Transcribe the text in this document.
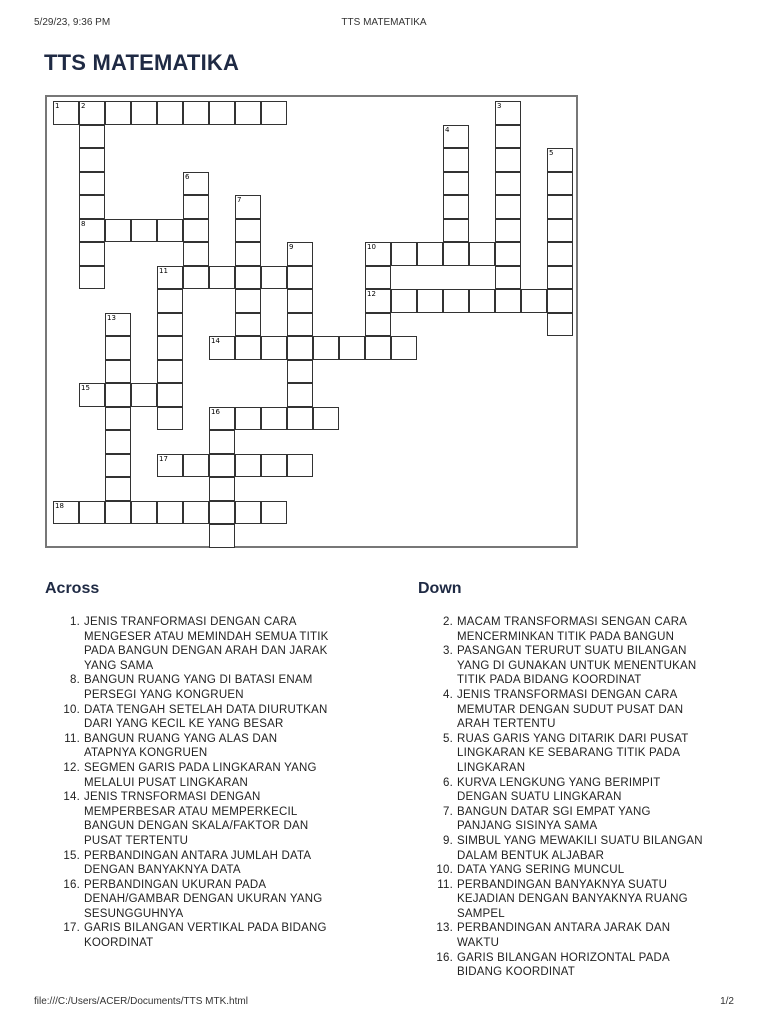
5/29/23, 9:36 PM	TTS MATEMATIKA
TTS MATEMATIKA
1	2	3
4
5
6
7
8
9	10
11
12
13
14
15
16
17
18
Across
1. JENIS TRANFORMASI DENGAN CARA MENGESER ATAU MEMINDAH SEMUA TITIK PADA BANGUN DENGAN ARAH DAN JARAK YANG SAMA
8. BANGUN RUANG YANG DI BATASI ENAM PERSEGI YANG KONGRUEN
10. DATA TENGAH SETELAH DATA DIURUTKAN DARI YANG KECIL KE YANG BESAR
11. BANGUN RUANG YANG ALAS DAN ATAPNYA KONGRUEN
12. SEGMEN GARIS PADA LINGKARAN YANG MELALUI PUSAT LINGKARAN
14. JENIS TRNSFORMASI DENGAN MEMPERBESAR ATAU MEMPERKECIL BANGUN DENGAN SKALA/FAKTOR DAN PUSAT TERTENTU
15. PERBANDINGAN ANTARA JUMLAH DATA DENGAN BANYAKNYA DATA
16. PERBANDINGAN UKURAN PADA DENAH/GAMBAR DENGAN UKURAN YANG SESUNGGUHNYA
17. GARIS BILANGAN VERTIKAL PADA BIDANG KOORDINAT
Down
2. MACAM TRANSFORMASI SENGAN CARA MENCERMINKAN TITIK PADA BANGUN
3. PASANGAN TERURUT SUATU BILANGAN YANG DI GUNAKAN UNTUK MENENTUKAN TITIK PADA BIDANG KOORDINAT
4. JENIS TRANSFORMASI DENGAN CARA MEMUTAR DENGAN SUDUT PUSAT DAN ARAH TERTENTU
5. RUAS GARIS YANG DITARIK DARI PUSAT LINGKARAN KE SEBARANG TITIK PADA LINGKARAN
6. KURVA LENGKUNG YANG BERIMPIT DENGAN SUATU LINGKARAN
7. BANGUN DATAR SGI EMPAT YANG PANJANG SISINYA SAMA
9. SIMBUL YANG MEWAKILI SUATU BILANGAN DALAM BENTUK ALJABAR
10. DATA YANG SERING MUNCUL
11. PERBANDINGAN BANYAKNYA SUATU KEJADIAN DENGAN BANYAKNYA RUANG SAMPEL
13. PERBANDINGAN ANTARA JARAK DAN WAKTU
16. GARIS BILANGAN HORIZONTAL PADA BIDANG KOORDINAT
file:///C:/Users/ACER/Documents/TTS MTK.html	1/2
